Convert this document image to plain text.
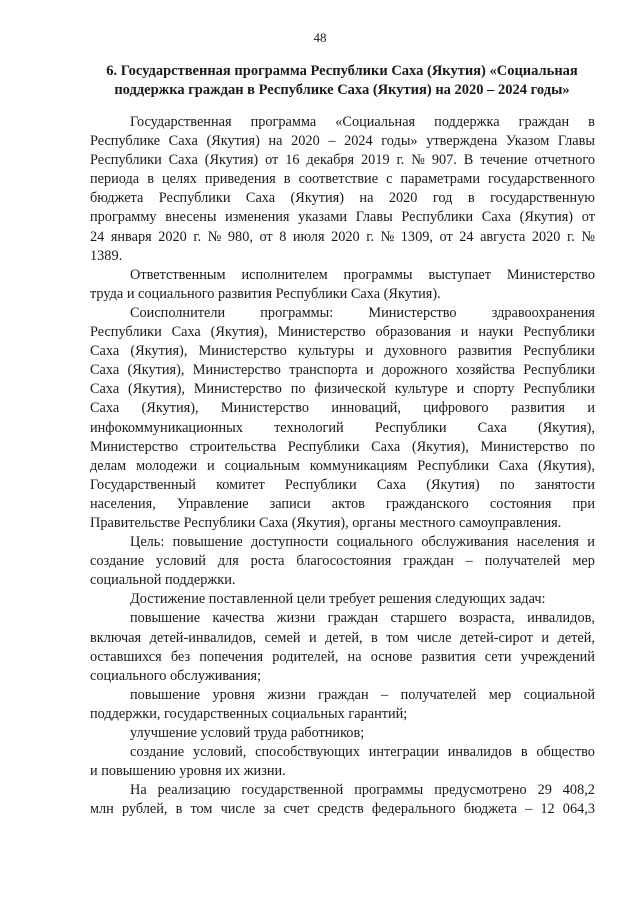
48
6. Государственная программа Республики Саха (Якутия) «Социальная
поддержка граждан в Республике Саха (Якутия) на 2020 – 2024 годы»
Государственная программа «Социальная поддержка граждан в
Республике Саха (Якутия) на 2020 – 2024 годы» утверждена Указом Главы
Республики Саха (Якутия) от 16 декабря 2019 г. № 907. В течение отчетного
периода в целях приведения в соответствие с параметрами государственного
бюджета Республики Саха (Якутия) на 2020 год в государственную
программу внесены изменения указами Главы Республики Саха (Якутия) от
24 января 2020 г. № 980, от 8 июля 2020 г. № 1309, от 24 августа 2020 г. №
1389.
Ответственным исполнителем программы выступает Министерство
труда и социального развития Республики Саха (Якутия).
Соисполнители программы: Министерство здравоохранения
Республики Саха (Якутия), Министерство образования и науки Республики
Саха (Якутия), Министерство культуры и духовного развития Республики
Саха (Якутия), Министерство транспорта и дорожного хозяйства Республики
Саха (Якутия), Министерство по физической культуре и спорту Республики
Саха (Якутия), Министерство инноваций, цифрового развития и
инфокоммуникационных технологий Республики Саха (Якутия),
Министерство строительства Республики Саха (Якутия), Министерство по
делам молодежи и социальным коммуникациям Республики Саха (Якутия),
Государственный комитет Республики Саха (Якутия) по занятости
населения, Управление записи актов гражданского состояния при
Правительстве Республики Саха (Якутия), органы местного самоуправления.
Цель: повышение доступности социального обслуживания населения и
создание условий для роста благосостояния граждан – получателей мер
социальной поддержки.
Достижение поставленной цели требует решения следующих задач:
повышение качества жизни граждан старшего возраста, инвалидов,
включая детей-инвалидов, семей и детей, в том числе детей-сирот и детей,
оставшихся без попечения родителей, на основе развития сети учреждений
социального обслуживания;
повышение уровня жизни граждан – получателей мер социальной
поддержки, государственных социальных гарантий;
улучшение условий труда работников;
создание условий, способствующих интеграции инвалидов в общество
и повышению уровня их жизни.
На реализацию государственной программы предусмотрено 29 408,2
млн рублей, в том числе за счет средств федерального бюджета – 12 064,3
